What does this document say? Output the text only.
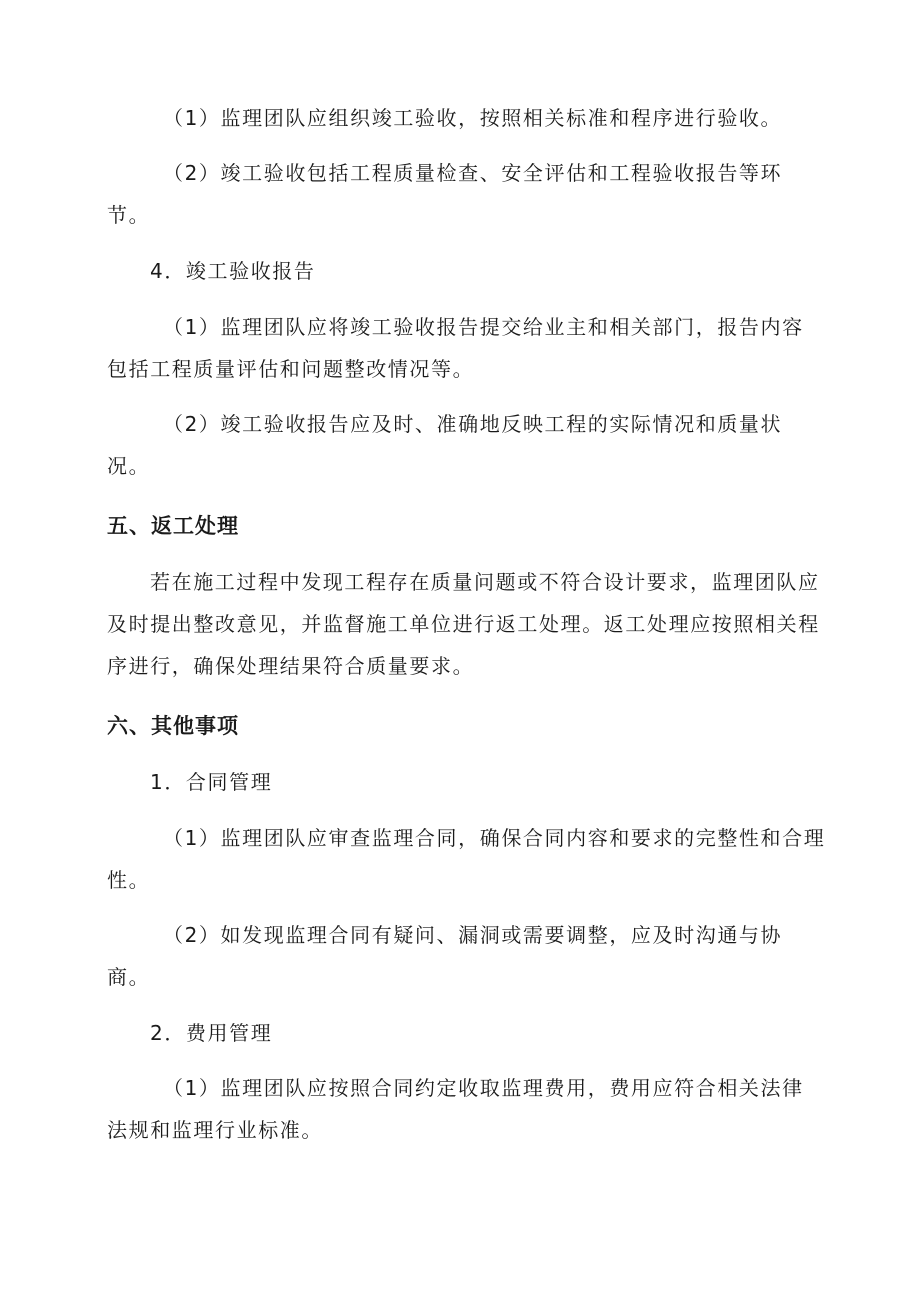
（1）监理团队应组织竣工验收，按照相关标准和程序进行验收。
（2）竣工验收包括工程质量检查、安全评估和工程验收报告等环
节。
4．竣工验收报告
（1）监理团队应将竣工验收报告提交给业主和相关部门，报告内容
包括工程质量评估和问题整改情况等。
（2）竣工验收报告应及时、准确地反映工程的实际情况和质量状
况。
五、返工处理
若在施工过程中发现工程存在质量问题或不符合设计要求，监理团队应
及时提出整改意见，并监督施工单位进行返工处理。返工处理应按照相关程
序进行，确保处理结果符合质量要求。
六、其他事项
1．合同管理
（1）监理团队应审查监理合同，确保合同内容和要求的完整性和合理
性。
（2）如发现监理合同有疑问、漏洞或需要调整，应及时沟通与协
商。
2．费用管理
（1）监理团队应按照合同约定收取监理费用，费用应符合相关法律
法规和监理行业标准。
